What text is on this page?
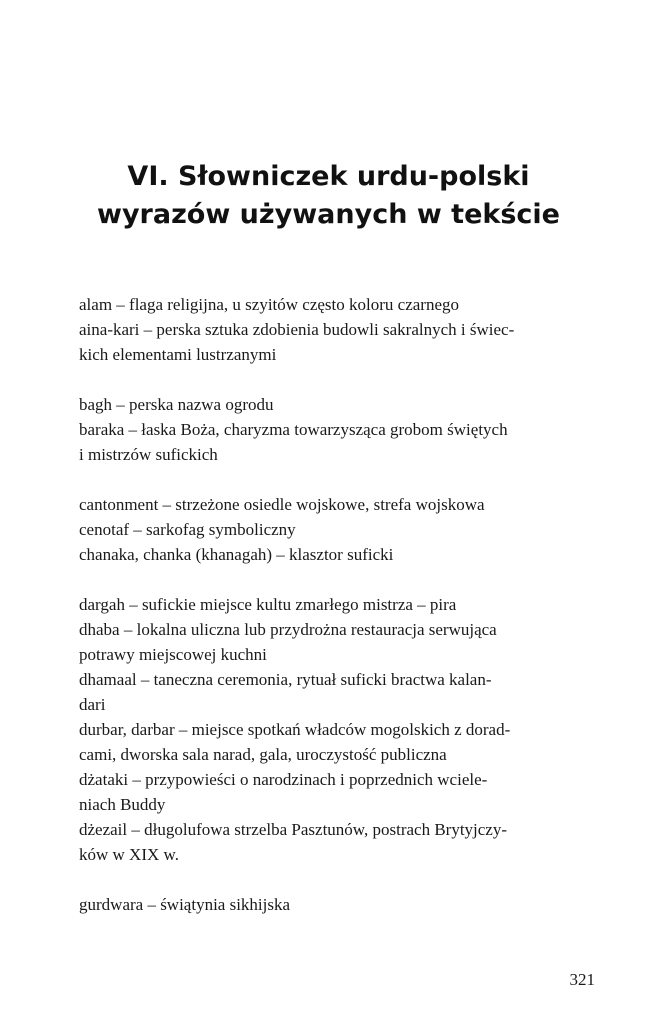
VI. Słowniczek urdu-polski
wyrazów używanych w tekście
alam – flaga religijna, u szyitów często koloru czarnego
aina-kari – perska sztuka zdobienia budowli sakralnych i świec-
kich elementami lustrzanymi
bagh – perska nazwa ogrodu
baraka – łaska Boża, charyzma towarzysząca grobom świętych
i mistrzów sufickich
cantonment – strzeżone osiedle wojskowe, strefa wojskowa
cenotaf – sarkofag symboliczny
chanaka, chanka (khanagah) – klasztor suficki
dargah – sufickie miejsce kultu zmarłego mistrza – pira
dhaba – lokalna uliczna lub przydrożna restauracja serwująca
potrawy miejscowej kuchni
dhamaal – taneczna ceremonia, rytuał suficki bractwa kalan-
dari
durbar, darbar – miejsce spotkań władców mogolskich z dorad-
cami, dworska sala narad, gala, uroczystość publiczna
dżataki – przypowieści o narodzinach i poprzednich wciele-
niach Buddy
dżezail – długolufowa strzelba Pasztunów, postrach Brytyjczy-
ków w XIX w.
gurdwara – świątynia sikhijska
321
